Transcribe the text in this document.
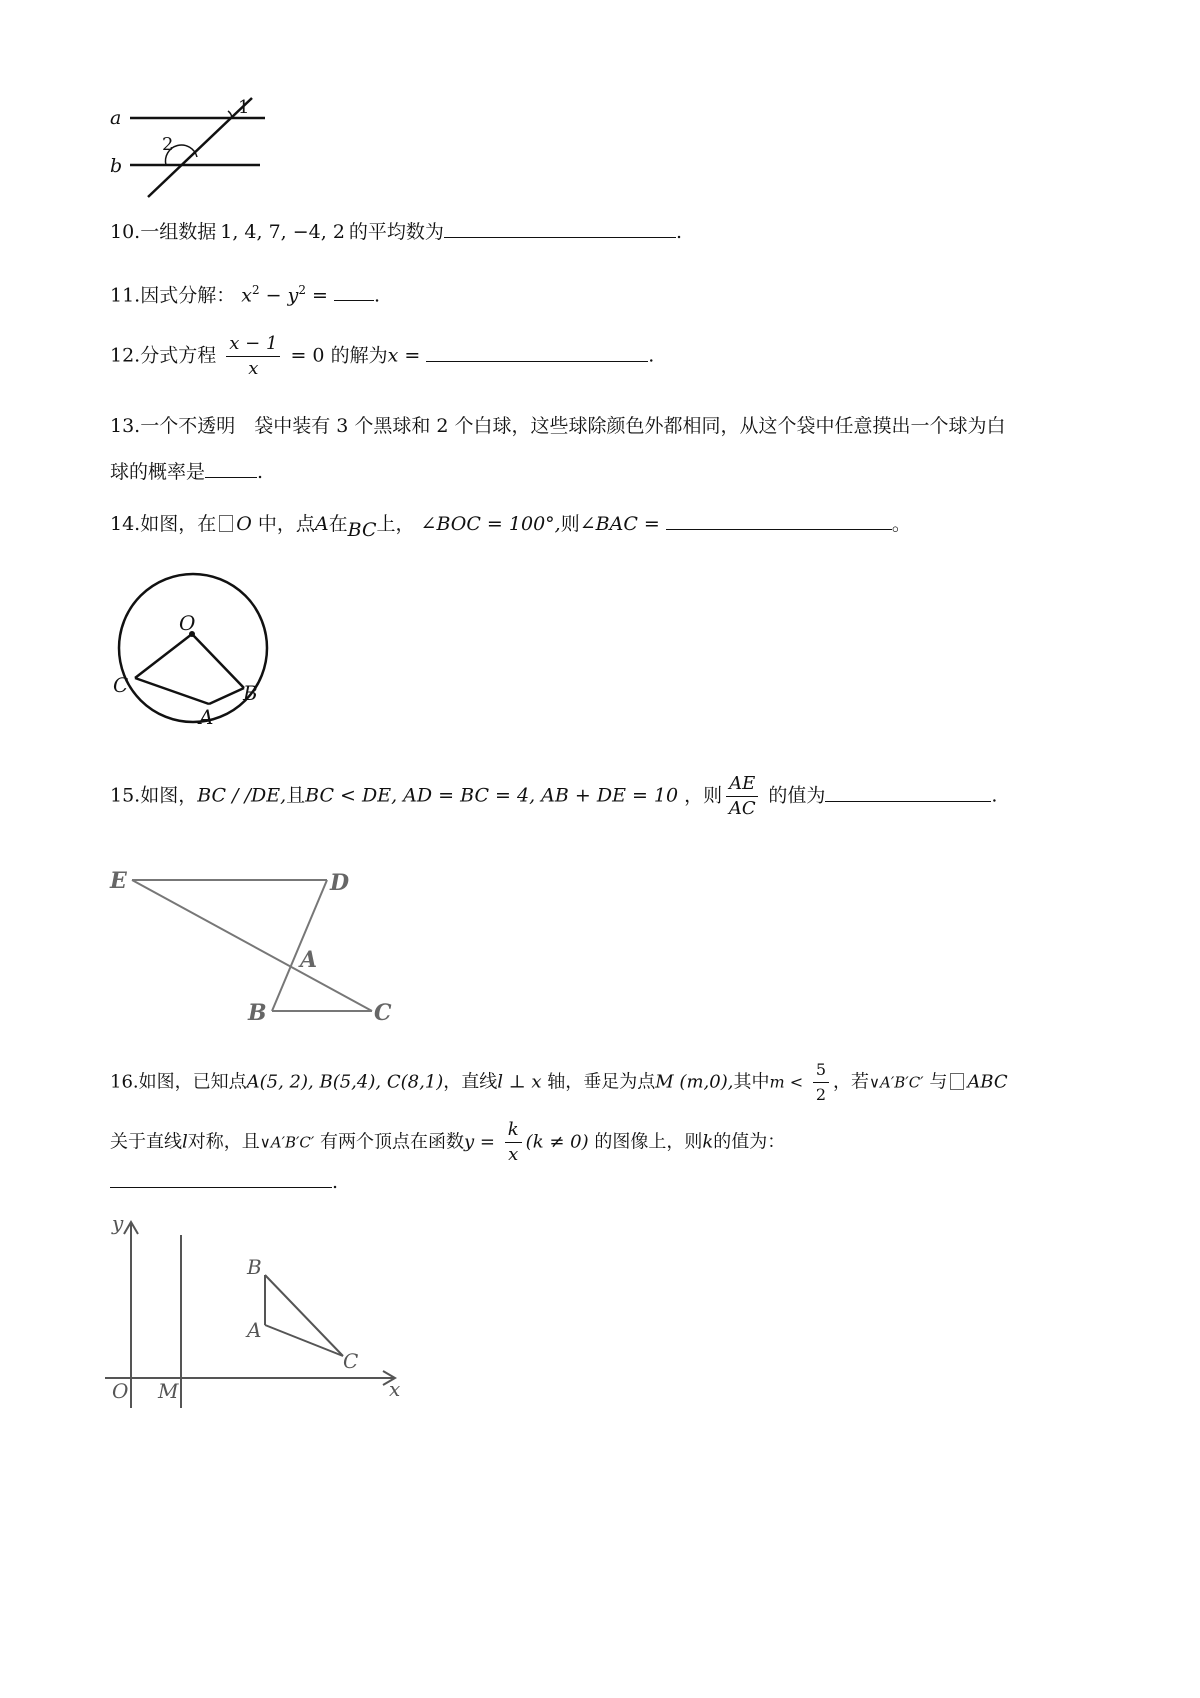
a
b
1
2
10.一组数据 1, 4, 7, −4, 2 的平均数为	.
11.因式分解： $x^2 - y^2$ = .
12.分式方程 $\frac{x - 1}{x} = 0$ 的解为x =	.
13.一个不透明　袋中装有 3 个黑球和 2 个白球，这些球除颜色外都相同，从这个袋中任意摸出一个球为白
球的概率是	.
14.如图，在 O 中，点A在BC上， ∠BOC = 100°,则∠BAC =	。
O
C	B
A
15.如图，BC / /DE,且BC < DE, AD = BC = 4, AB + DE = 10 ，则 $\frac{AE}{AC}$ 的值为	.
E	D
A
B	C
16.如图，已知点A(5, 2), B(5,4), C(8,1)，直线l ⊥ x 轴，垂足为点M (m,0),其中$m < \frac{5}{2}$ ，若∨A′B′C′ 与 ABC
关于直线l对称，且∨A′B′C′ 有两个顶点在函数$y = \frac{k}{x} (k \ne 0)$ 的图像上，则k的值为：
.
y
x
O M
B
A
C
